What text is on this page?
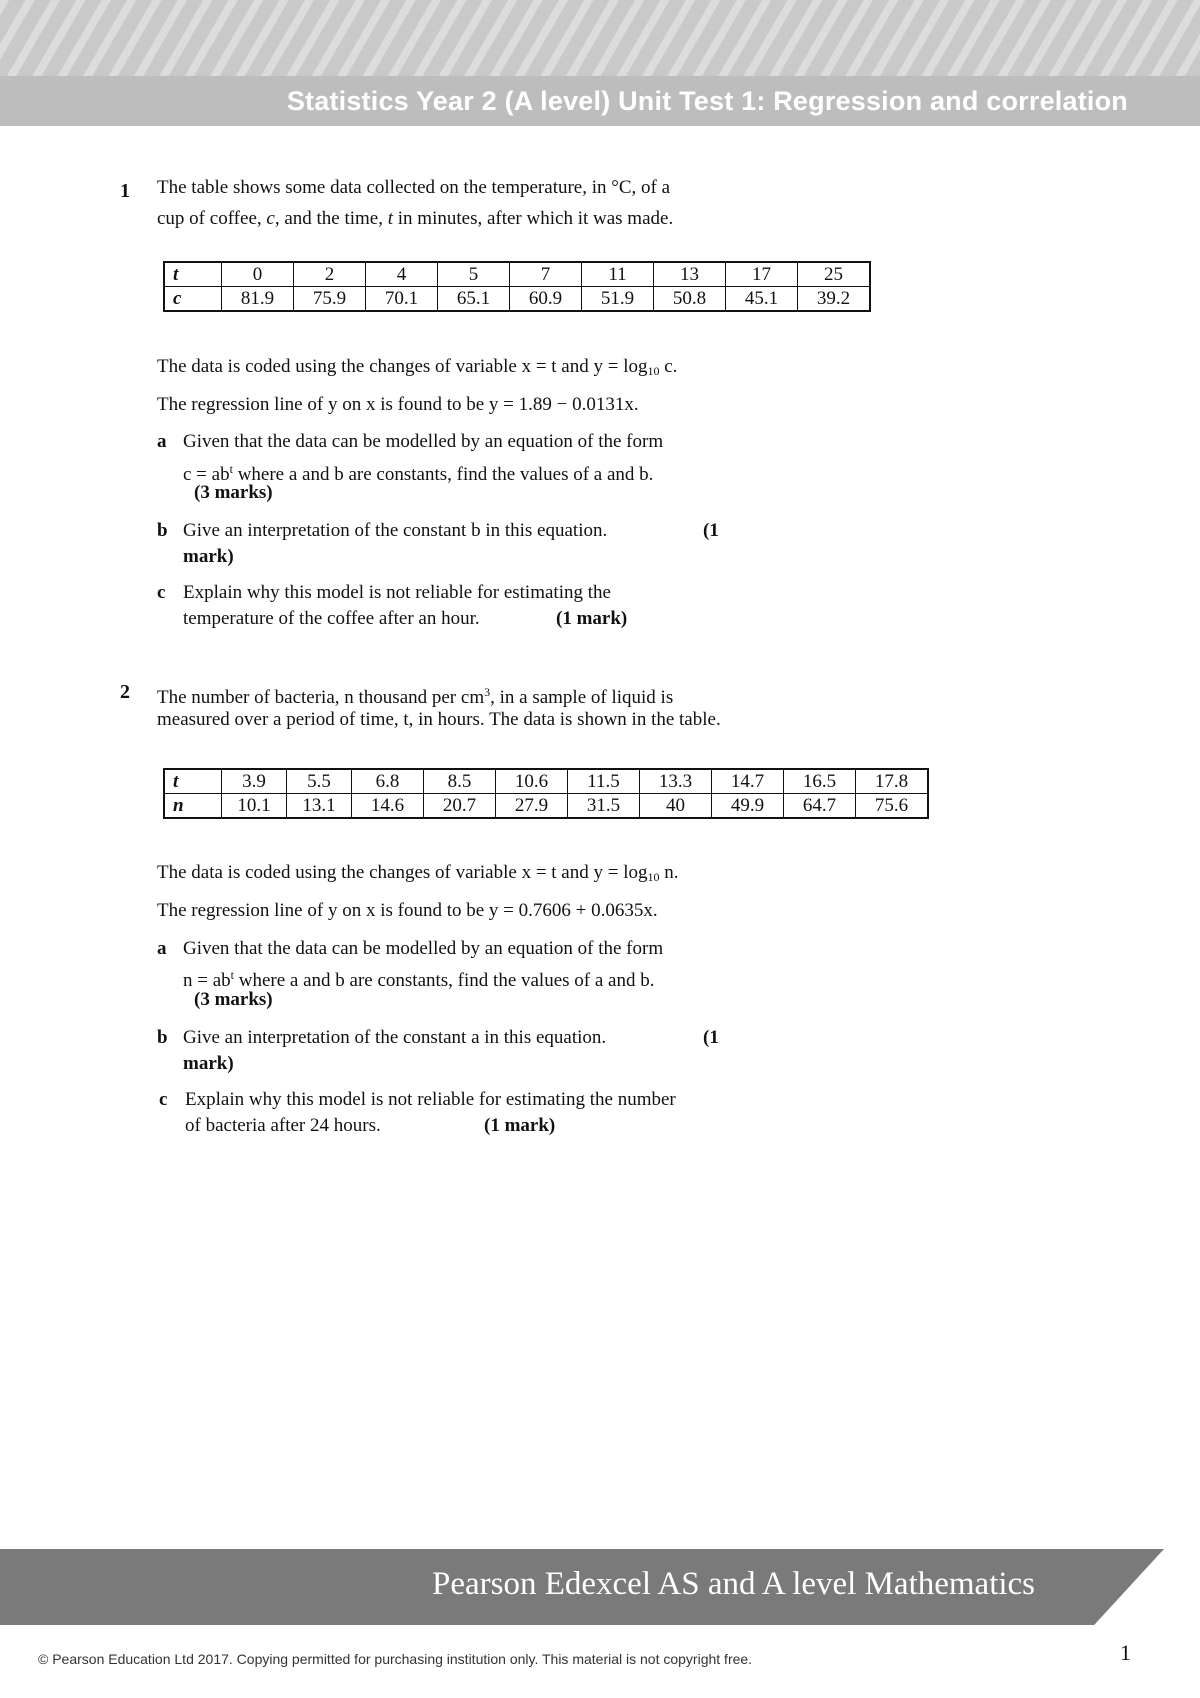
Statistics Year 2 (A level) Unit Test 1: Regression and correlation
1 The table shows some data collected on the temperature, in °C, of a
cup of coffee, c, and the time, t in minutes, after which it was made.
t	0	2	4	5	7	11	13	17	25
c	81.9	75.9	70.1	65.1	60.9	51.9	50.8	45.1	39.2
The data is coded using the changes of variable x = t and $y = \log_{10} c$.
The regression line of y on x is found to be y = 1.89 − 0.0131x.
a Given that the data can be modelled by an equation of the form
$c = ab^t$ where a and b are constants, find the values of a and b.
(3 marks)
b Give an interpretation of the constant b in this equation.	(1
mark)
c Explain why this model is not reliable for estimating the
temperature of the coffee after an hour.	(1 mark)
2 The number of bacteria, n thousand per $cm^3$, in a sample of liquid is
measured over a period of time, t, in hours. The data is shown in the table.
t	3.9	5.5	6.8	8.5	10.6	11.5	13.3	14.7	16.5	17.8
n	10.1	13.1	14.6	20.7	27.9	31.5	40	49.9	64.7	75.6
The data is coded using the changes of variable x = t and $y = \log_{10} n$.
The regression line of y on x is found to be y = 0.7606 + 0.0635x.
a Given that the data can be modelled by an equation of the form
$n = ab^t$ where a and b are constants, find the values of a and b.
(3 marks)
b Give an interpretation of the constant a in this equation.	(1
mark)
c Explain why this model is not reliable for estimating the number
of bacteria after 24 hours.	(1 mark)
Pearson Edexcel AS and A level Mathematics
© Pearson Education Ltd 2017. Copying permitted for purchasing institution only. This material is not copyright free.	1
